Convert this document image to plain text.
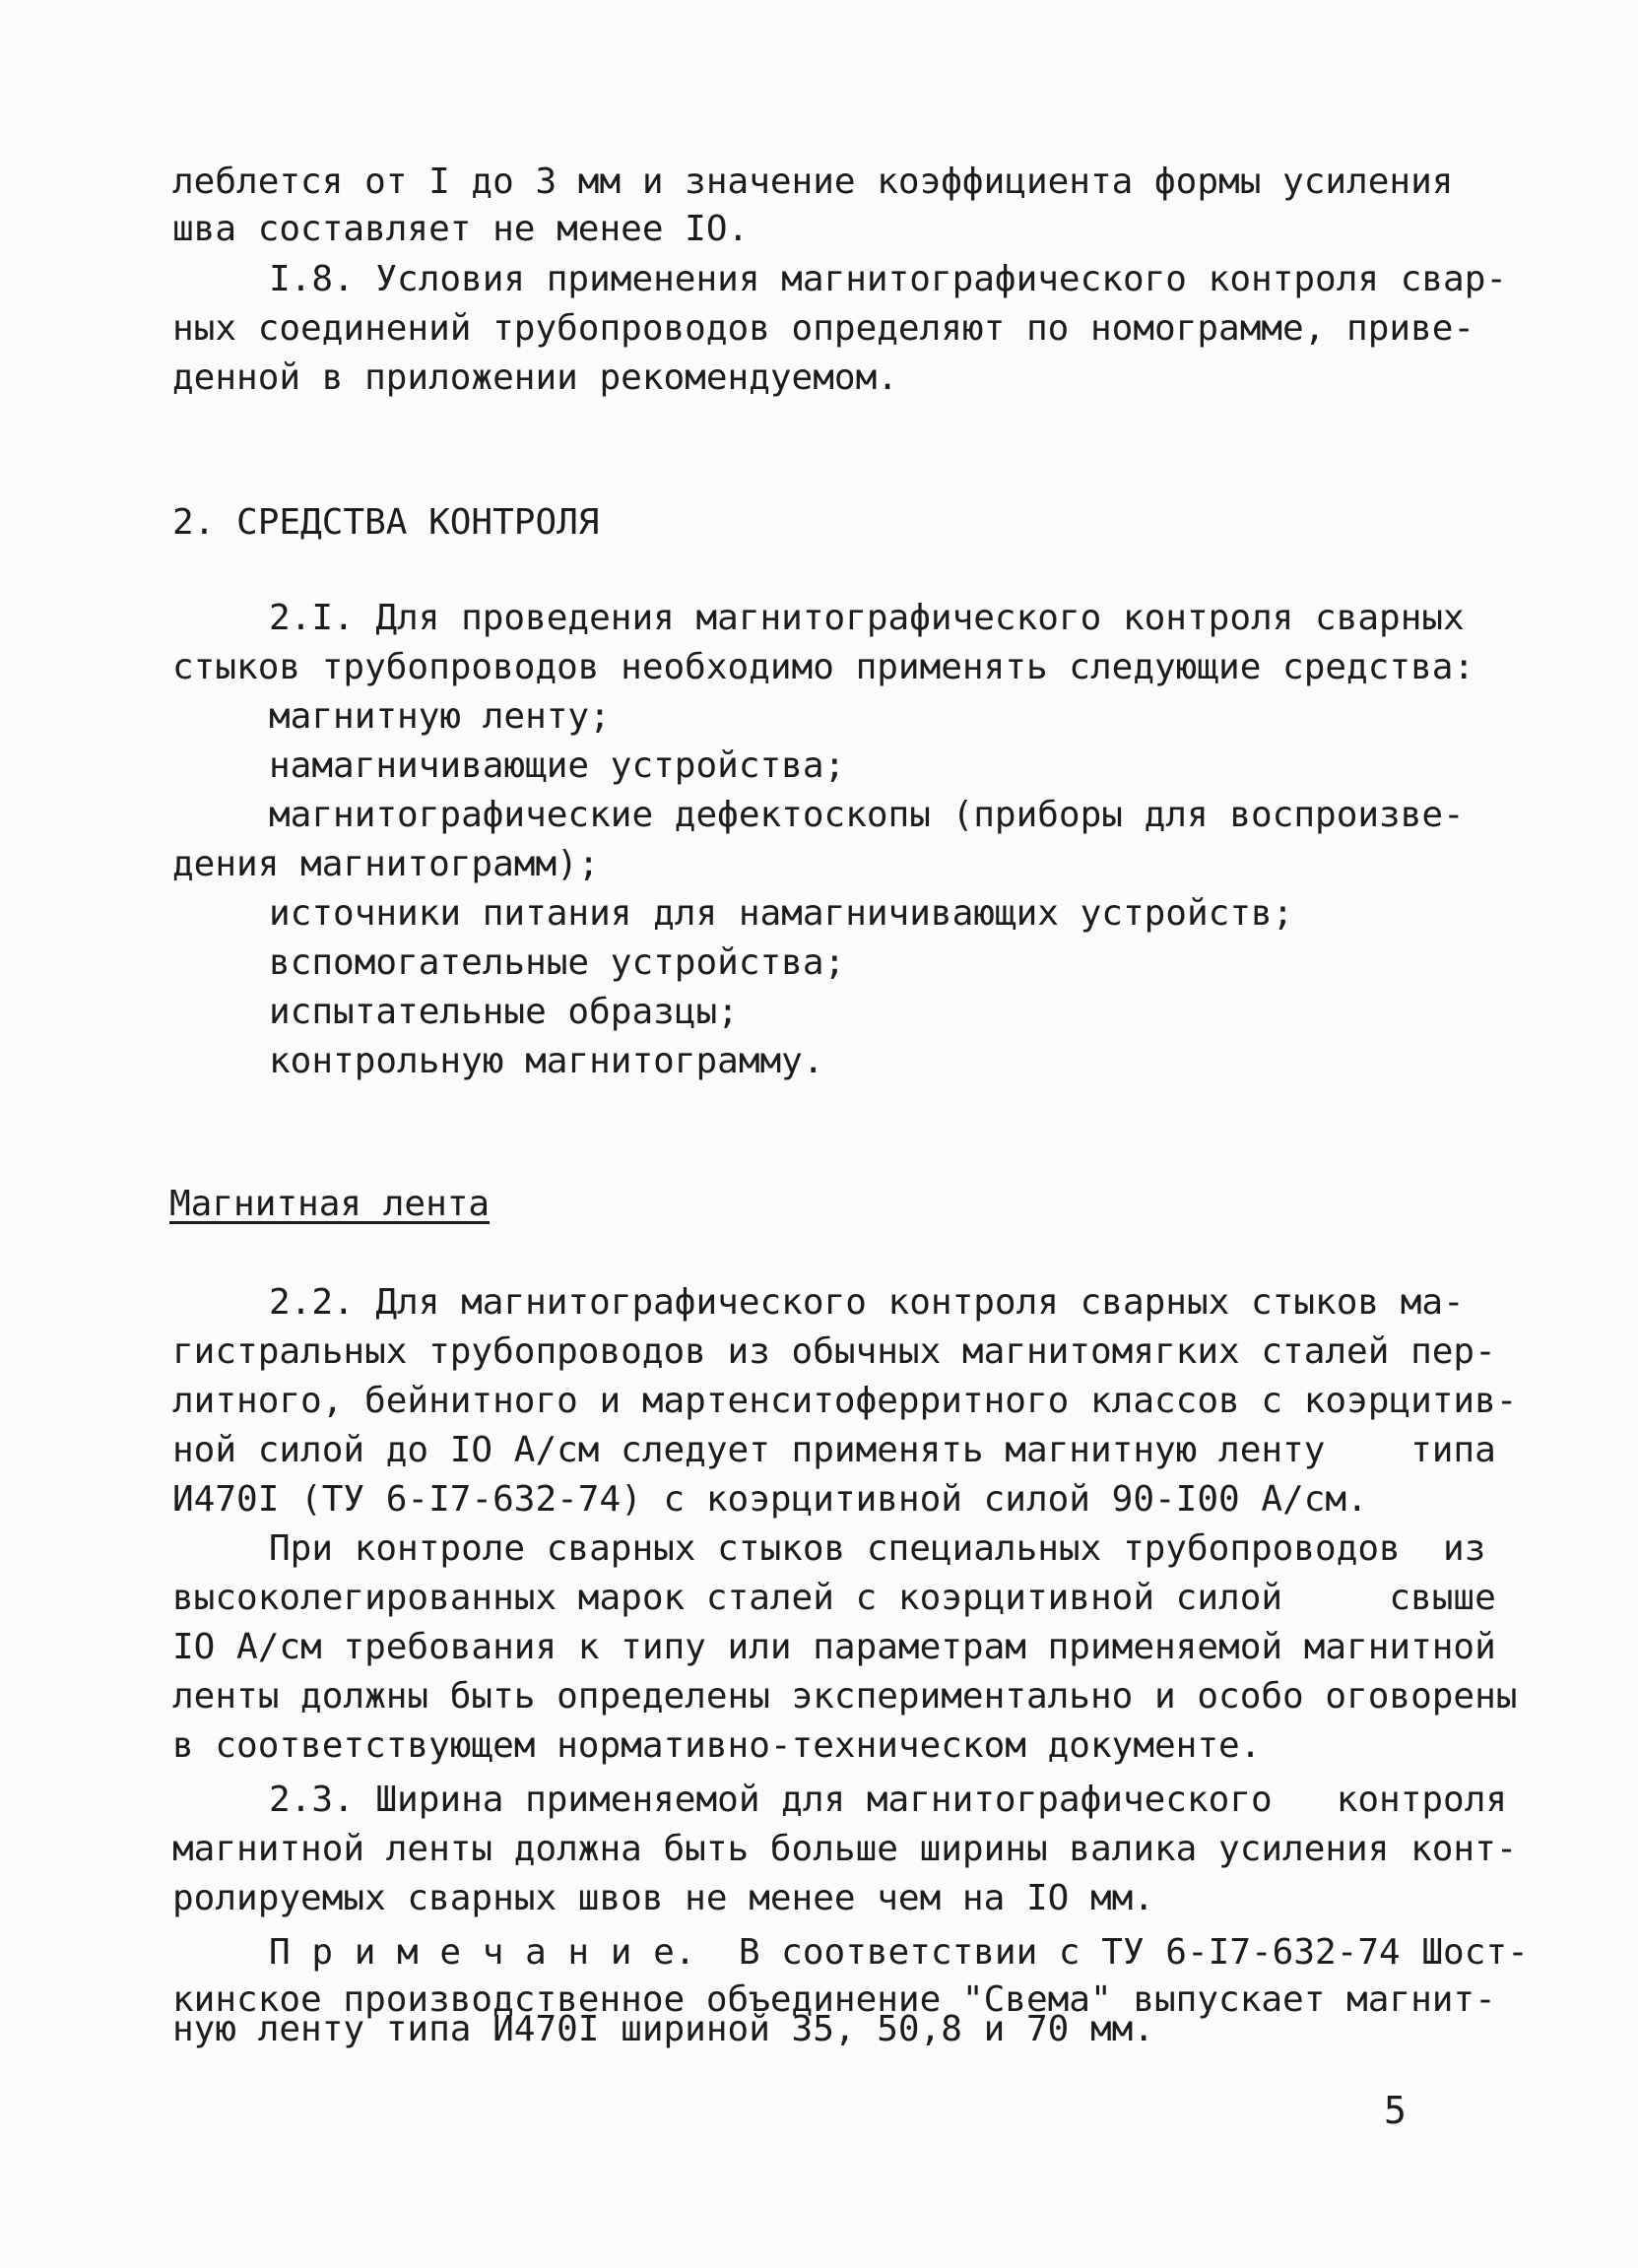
леблется от I до 3 мм и значение коэффициента формы усиления
шва составляет не менее IO.
I.8. Условия применения магнитографического контроля свар-
ных соединений трубопроводов определяют по номограмме, приве-
денной в приложении рекомендуемом.
2. СРЕДСТВА КОНТРОЛЯ
2.I. Для проведения магнитографического контроля сварных
стыков трубопроводов необходимо применять следующие средства:
магнитную ленту;
намагничивающие устройства;
магнитографические дефектоскопы (приборы для воспроизве-
дения магнитограмм);
источники питания для намагничивающих устройств;
вспомогательные устройства;
испытательные образцы;
контрольную магнитограмму.
Магнитная лента
2.2. Для магнитографического контроля сварных стыков ма-
гистральных трубопроводов из обычных магнитомягких сталей пер-
литного, бейнитного и мартенситоферритного классов с коэрцитив-
ной силой до IO А/см следует применять магнитную ленту    типа
И470I (ТУ 6-I7-632-74) с коэрцитивной силой 90-I00 А/см.
При контроле сварных стыков специальных трубопроводов  из
высоколегированных марок сталей с коэрцитивной силой     свыше
IO А/см требования к типу или параметрам применяемой магнитной
ленты должны быть определены экспериментально и особо оговорены
в соответствующем нормативно-техническом документе.
2.3. Ширина применяемой для магнитографического   контроля
магнитной ленты должна быть больше ширины валика усиления конт-
ролируемых сварных швов не менее чем на IO мм.
П р и м е ч а н и е.  В соответствии с ТУ 6-I7-632-74 Шост-
кинское производственное объединение "Свема" выпускает магнит-
ную ленту типа И470I шириной 35, 50,8 и 70 мм.
5
